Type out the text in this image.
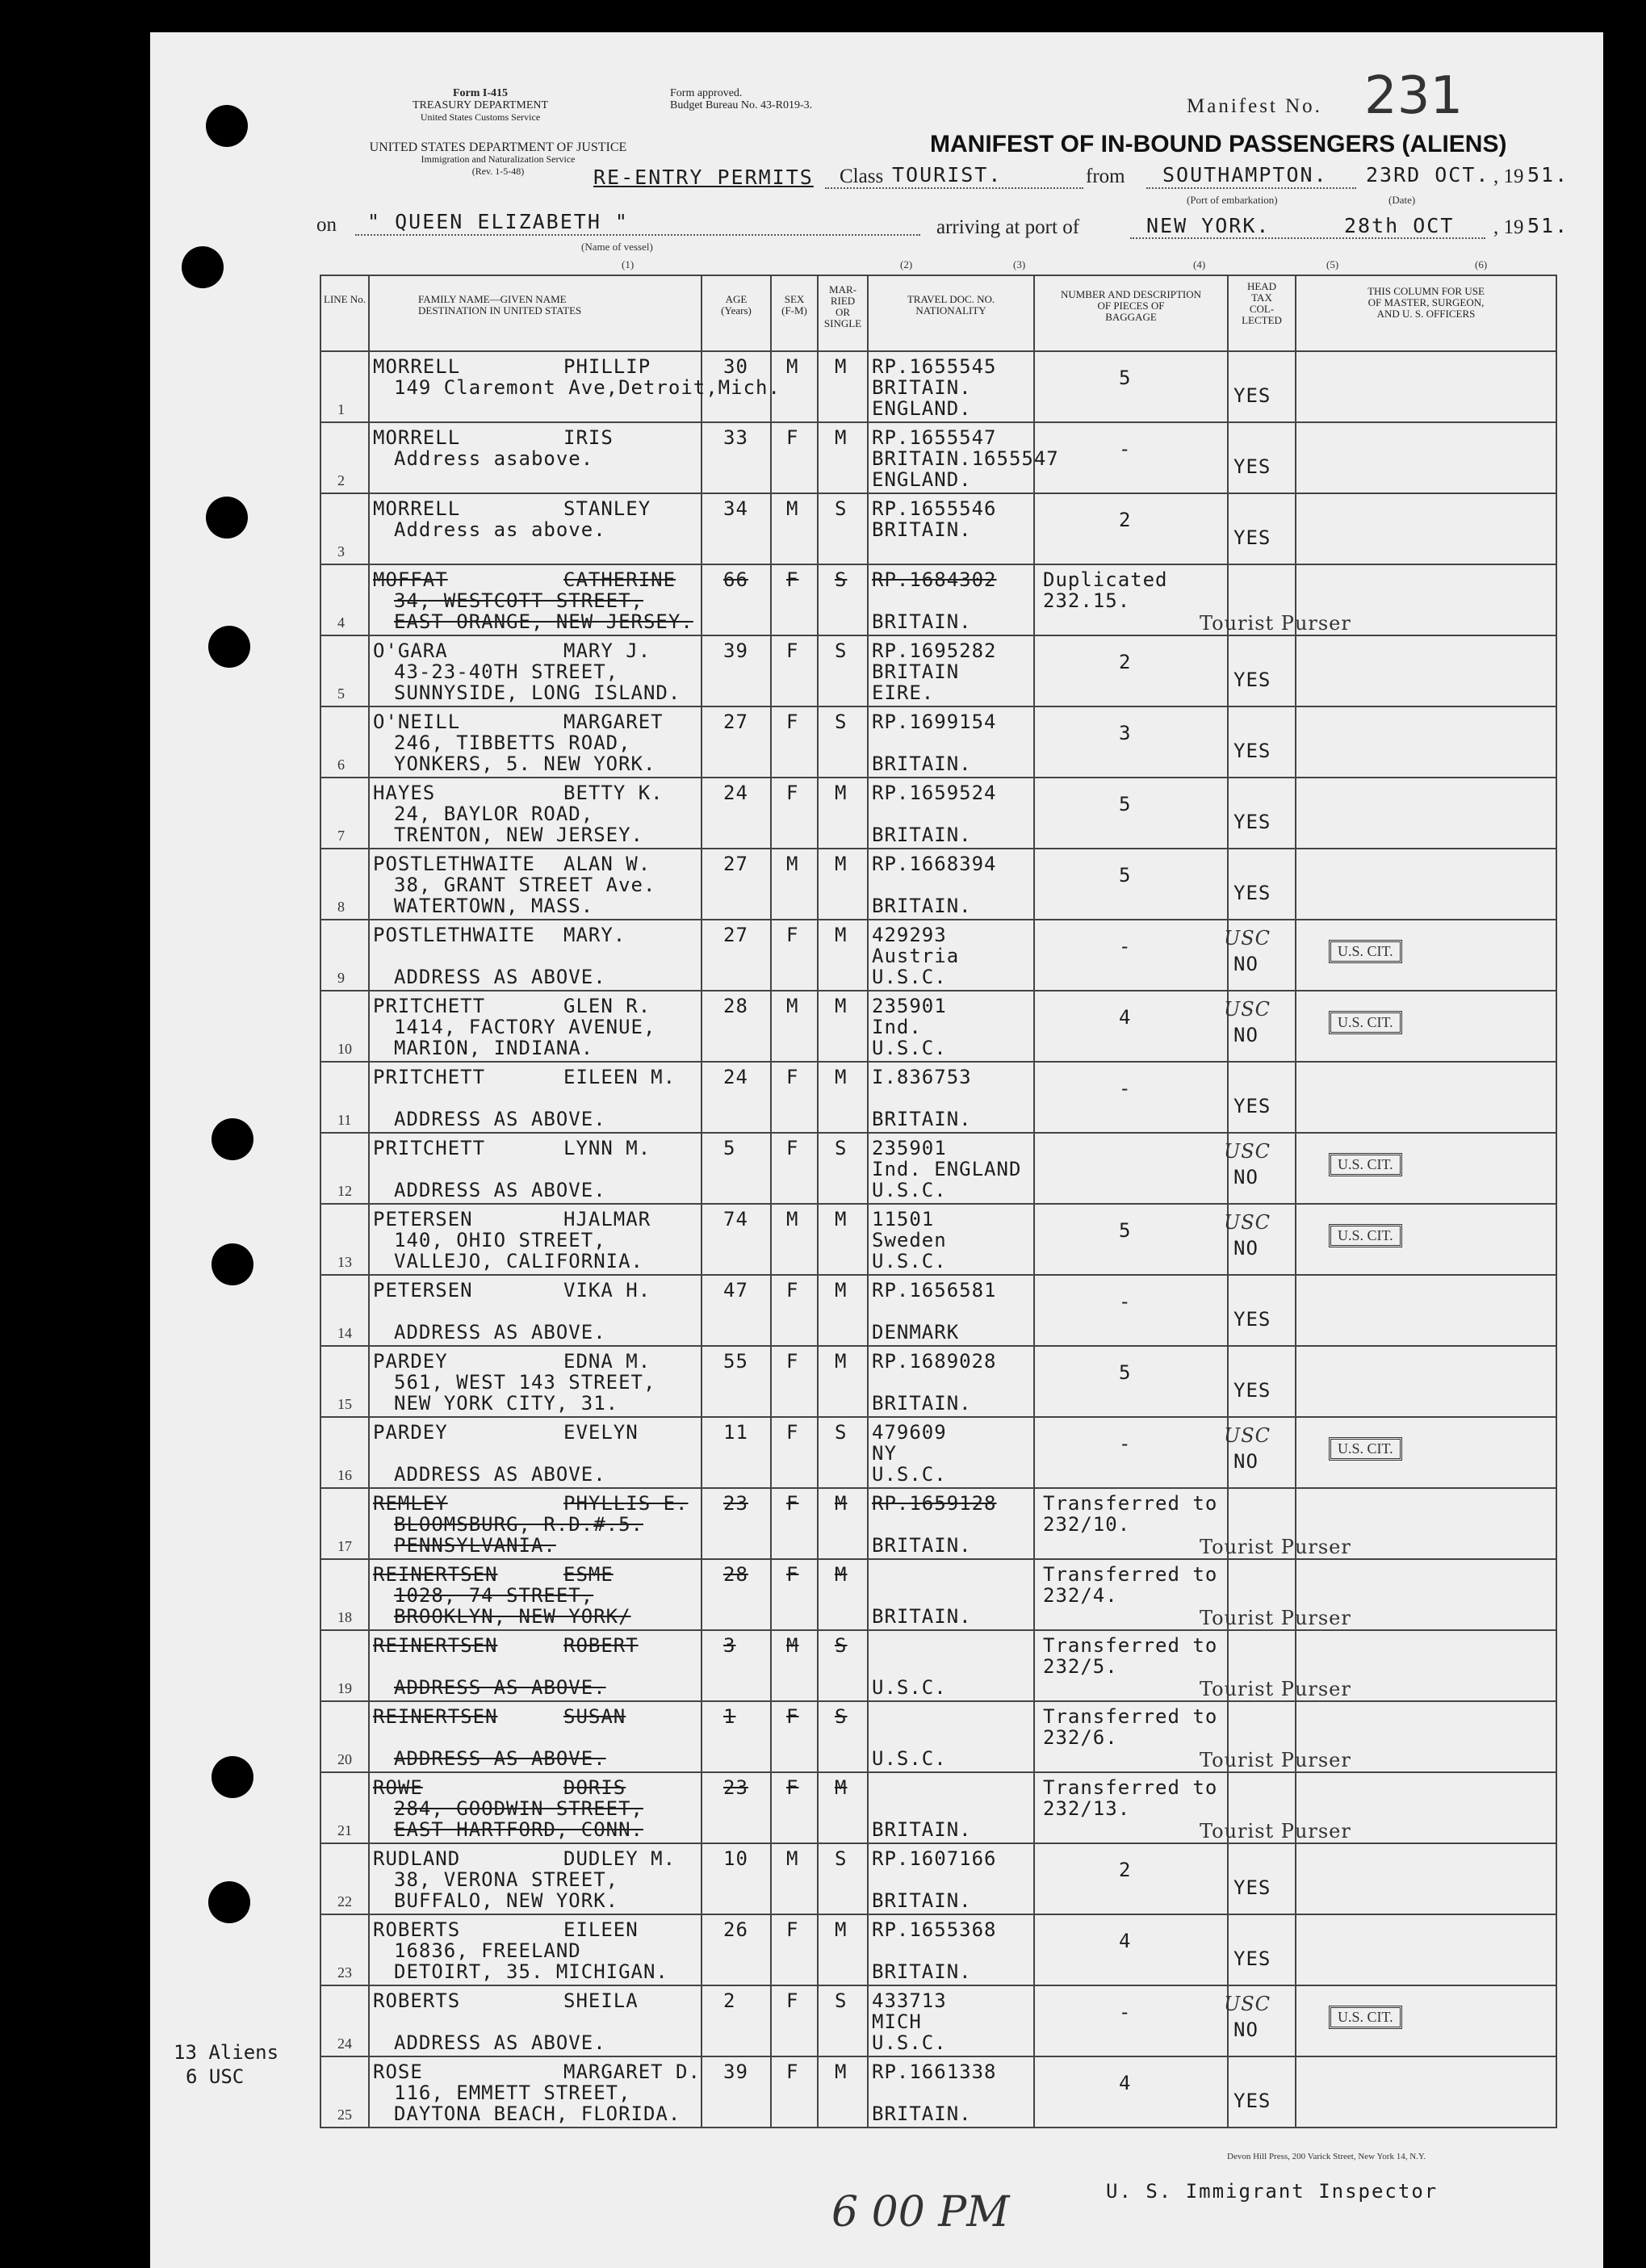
Form I-415
TREASURY DEPARTMENT
United States Customs Service
Form approved.
Budget Bureau No. 43-R019-3.
UNITED STATES DEPARTMENT OF JUSTICE
Immigration and Naturalization Service
(Rev. 1-5-48)
Manifest No. 231
MANIFEST OF IN-BOUND PASSENGERS (ALIENS)
RE-ENTRY PERMITS Class TOURIST.	from SOUTHAMPTON.
(Port of embarkation)
23RD OCT.
(Date)
, 19 51.
on " QUEEN ELIZABETH "
(Name of vessel)
arriving at port of	NEW YORK.	28th OCT , 19 51.
(1)	(2)	(3)	(4)	(5)	(6)
LINE No.	FAMILY NAME—GIVEN NAME
DESTINATION IN UNITED STATES	AGE
(Years)	SEX
(F-M)	MAR-
RIED
OR
SINGLE	TRAVEL DOC. NO.
NATIONALITY	NUMBER AND DESCRIPTION
OF PIECES OF
BAGGAGE	HEAD
TAX
COL-
LECTED	THIS COLUMN FOR USE
OF MASTER, SURGEON,
AND U. S. OFFICERS

1	MORRELL PHILLIP
149 Claremont Ave,Detroit,Mich.	30	M	M	RP.1655545
BRITAIN.
ENGLAND.	5	YES	

2	MORRELL IRIS
Address asabove.	33	F	M	RP.1655547
BRITAIN.1655547
ENGLAND.	-	YES	

3	MORRELL STANLEY
Address as above.	34	M	S	RP.1655546
BRITAIN.	2	YES	

4	MOFFAT CATHERINE
34, WESTCOTT STREET,
EAST ORANGE, NEW JERSEY.	66	F	S	RP.1684302
BRITAIN.	Duplicated
232.15.		Tourist Purser

5	O'GARA MARY J.
43-23-40TH STREET,
SUNNYSIDE, LONG ISLAND.	39	F	S	RP.1695282
BRITAIN
EIRE.	2	YES	

6	O'NEILL MARGARET
246, TIBBETTS ROAD,
YONKERS, 5. NEW YORK.	27	F	S	RP.1699154
BRITAIN.	3	YES	

7	HAYES BETTY K.
24, BAYLOR ROAD,
TRENTON, NEW JERSEY.	24	F	M	RP.1659524
BRITAIN.	5	YES	

8	POSTLETHWAITE ALAN W.
38, GRANT STREET Ave.
WATERTOWN, MASS.	27	M	M	RP.1668394
BRITAIN.	5	YES	

9	POSTLETHWAITE MARY.
ADDRESS AS ABOVE.	27	F	M	429293
Austria
U.S.C.	-	NO	USC
U.S. CIT.

10	PRITCHETT GLEN R.
1414, FACTORY AVENUE,
MARION, INDIANA.	28	M	M	235901
Ind.
U.S.C.	4	NO	USC
U.S. CIT.

11	PRITCHETT EILEEN M.
ADDRESS AS ABOVE.	24	F	M	I.836753
BRITAIN.	-	YES	

12	PRITCHETT LYNN M.
ADDRESS AS ABOVE.	5	F	S	235901
Ind. ENGLAND
U.S.C.		NO	USC
U.S. CIT.

13	PETERSEN HJALMAR
140, OHIO STREET,
VALLEJO, CALIFORNIA.	74	M	M	11501
Sweden
U.S.C.	5	NO	USC
U.S. CIT.

14	PETERSEN VIKA H.
ADDRESS AS ABOVE.	47	F	M	RP.1656581
DENMARK	-	YES	

15	PARDEY EDNA M.
561, WEST 143 STREET,
NEW YORK CITY, 31.	55	F	M	RP.1689028
BRITAIN.	5	YES	

16	PARDEY EVELYN
ADDRESS AS ABOVE.	11	F	S	479609
NY
U.S.C.	-	NO	USC
U.S. CIT.

17	REMLEY PHYLLIS E.
BLOOMSBURG, R.D.#.5.
PENNSYLVANIA.	23	F	M	RP.1659128
BRITAIN.	Transferred to
232/10.		Tourist Purser

18	REINERTSEN ESME
1028, 74 STREET,
BROOKLYN, NEW YORK/	28	F	M	BRITAIN.	Transferred to
232/4.		Tourist Purser

19	REINERTSEN ROBERT
ADDRESS AS ABOVE.	3	M	S	U.S.C.	Transferred to
232/5.		Tourist Purser

20	REINERTSEN SUSAN
ADDRESS AS ABOVE.	1	F	S	U.S.C.	Transferred to
232/6.		Tourist Purser

21	ROWE DORIS
284, GOODWIN STREET,
EAST HARTFORD, CONN.	23	F	M	BRITAIN.	Transferred to
232/13.		Tourist Purser

22	RUDLAND DUDLEY M.
38, VERONA STREET,
BUFFALO, NEW YORK.	10	M	S	RP.1607166
BRITAIN.	2	YES	

23	ROBERTS EILEEN
16836, FREELAND
DETOIRT, 35. MICHIGAN.	26	F	M	RP.1655368
BRITAIN.	4	YES	

24	ROBERTS SHEILA
ADDRESS AS ABOVE.	2	F	S	433713
MICH
U.S.C.	-	NO	USC
U.S. CIT.

25	ROSE MARGARET D.
116, EMMETT STREET,
DAYTONA BEACH, FLORIDA.	39	F	M	RP.1661338
BRITAIN.	4	YES	

13 Aliens
6 USC
6 00 PM	U. S. Immigrant Inspector
Devon Hill Press, 200 Varick Street, New York 14, N.Y.
